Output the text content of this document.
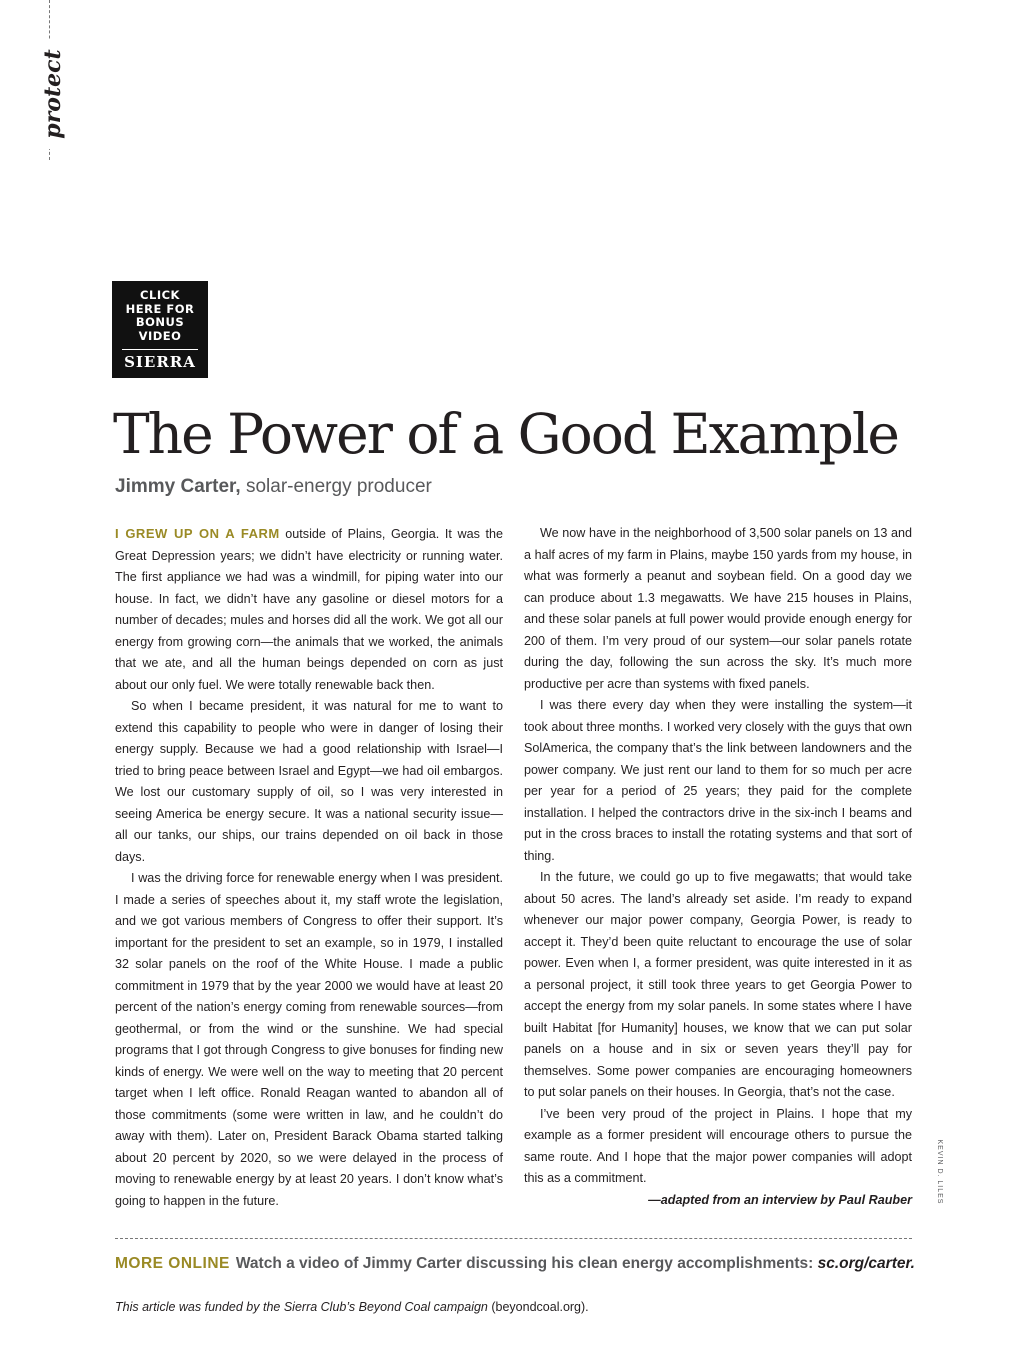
protect
CLICK
HERE FOR
BONUS
VIDEO
SIERRA
The Power of a Good Example
Jimmy Carter, solar-energy producer

I GREW UP ON A FARM outside of Plains, Georgia. It was the Great Depression years; we didn’t have electricity or running water. The first appliance we had was a windmill, for piping water into our house. In fact, we didn’t have any gasoline or diesel motors for a number of decades; mules and horses did all the work. We got all our energy from growing corn—the animals that we worked, the animals that we ate, and all the human beings depended on corn as just about our only fuel. We were totally renewable back then.

So when I became president, it was natural for me to want to extend this capability to people who were in danger of losing their energy supply. Because we had a good relationship with Israel—I tried to bring peace between Israel and Egypt—we had oil embargos. We lost our customary supply of oil, so I was very interested in seeing America be energy secure. It was a national security issue—all our tanks, our ships, our trains depended on oil back in those days.

I was the driving force for renewable energy when I was president. I made a series of speeches about it, my staff wrote the legislation, and we got various members of Congress to offer their support. It’s important for the president to set an example, so in 1979, I installed 32 solar panels on the roof of the White House. I made a public commitment in 1979 that by the year 2000 we would have at least 20 percent of the nation’s energy coming from renewable sources—from geothermal, or from the wind or the sunshine. We had special programs that I got through Congress to give bonuses for finding new kinds of energy. We were well on the way to meeting that 20 percent target when I left office. Ronald Reagan wanted to abandon all of those commitments (some were written in law, and he couldn’t do away with them). Later on, President Barack Obama started talking about 20 percent by 2020, so we were delayed in the process of moving to renewable energy by at least 20 years. I don’t know what’s going to happen in the future.

We now have in the neighborhood of 3,500 solar panels on 13 and a half acres of my farm in Plains, maybe 150 yards from my house, in what was formerly a peanut and soybean field. On a good day we can produce about 1.3 megawatts. We have 215 houses in Plains, and these solar panels at full power would provide enough energy for 200 of them. I’m very proud of our system—our solar panels rotate during the day, following the sun across the sky. It’s much more productive per acre than systems with fixed panels.

I was there every day when they were installing the system—it took about three months. I worked very closely with the guys that own SolAmerica, the company that’s the link between landowners and the power company. We just rent our land to them for so much per acre per year for a period of 25 years; they paid for the complete installation. I helped the contractors drive in the six-inch I beams and put in the cross braces to install the rotating systems and that sort of thing.

In the future, we could go up to five megawatts; that would take about 50 acres. The land’s already set aside. I’m ready to expand whenever our major power company, Georgia Power, is ready to accept it. They’d been quite reluctant to encourage the use of solar power. Even when I, a former president, was quite interested in it as a personal project, it still took three years to get Georgia Power to accept the energy from my solar panels. In some states where I have built Habitat [for Humanity] houses, we know that we can put solar panels on a house and in six or seven years they’ll pay for themselves. Some power companies are encouraging homeowners to put solar panels on their houses. In Georgia, that’s not the case.

I’ve been very proud of the project in Plains. I hope that my example as a former president will encourage others to pursue the same route. And I hope that the major power companies will adopt this as a commitment.

—adapted from an interview by Paul Rauber	KEVIN D. LILES
MORE ONLINE Watch a video of Jimmy Carter discussing his clean energy accomplishments: sc.org/carter.
This article was funded by the Sierra Club’s Beyond Coal campaign (beyondcoal.org).
